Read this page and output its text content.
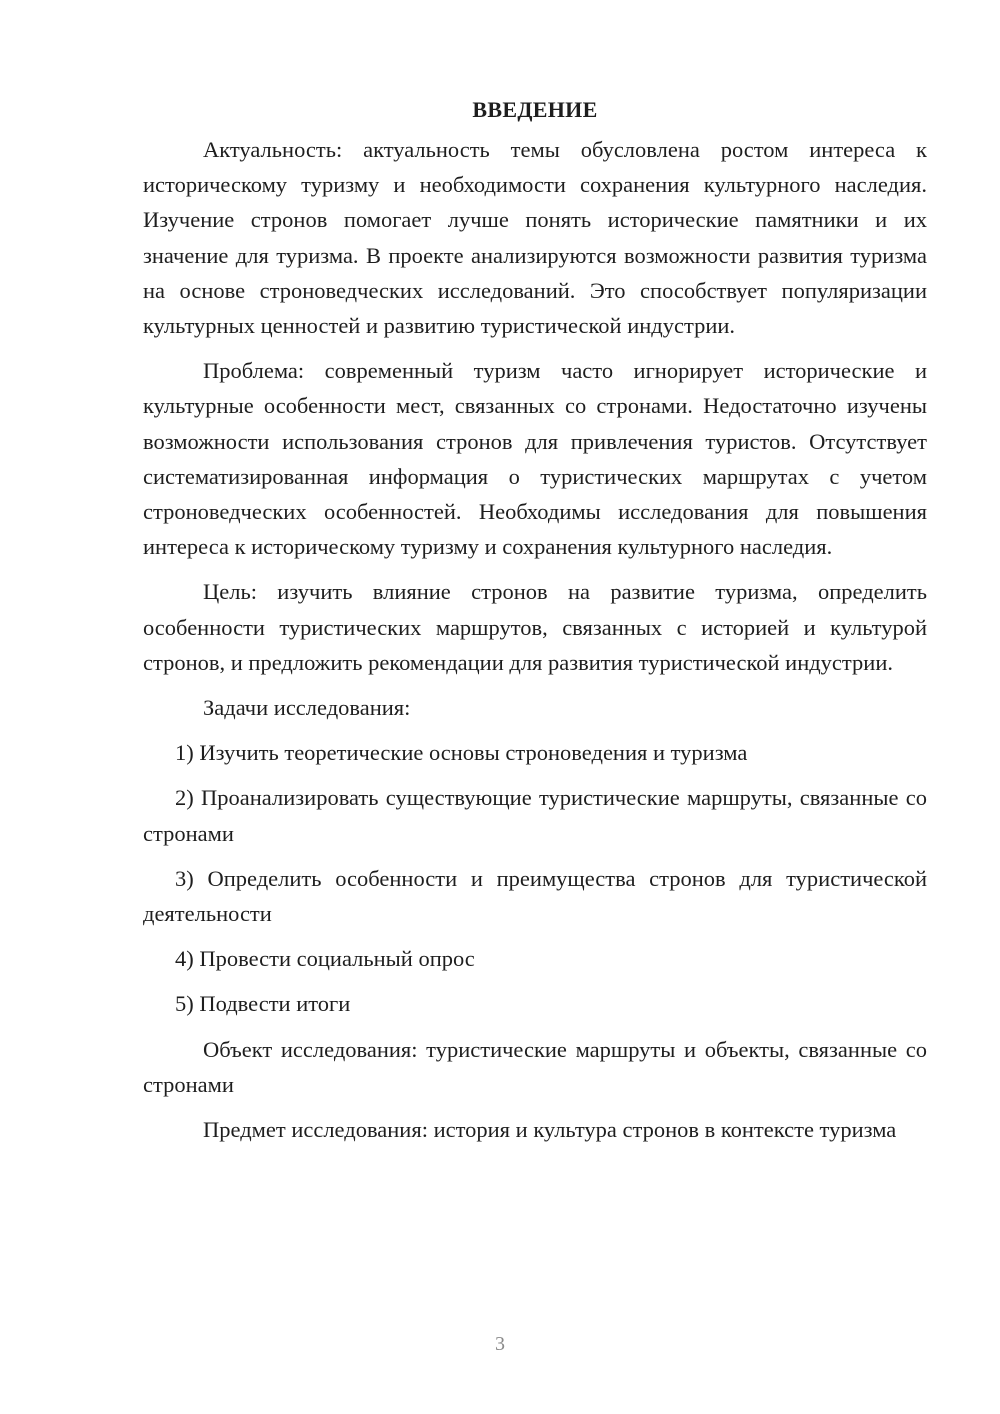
ВВЕДЕНИЕ

Актуальность: актуальность темы обусловлена ростом интереса к историческому туризму и необходимости сохранения культурного наследия. Изучение стронов помогает лучше понять исторические памятники и их значение для туризма. В проекте анализируются возможности развития туризма на основе строноведческих исследований. Это способствует популяризации культурных ценностей и развитию туристической индустрии.

Проблема: современный туризм часто игнорирует исторические и культурные особенности мест, связанных со стронами. Недостаточно изучены возможности использования стронов для привлечения туристов. Отсутствует систематизированная информация о туристических маршрутах с учетом строноведческих особенностей. Необходимы исследования для повышения интереса к историческому туризму и сохранения культурного наследия.

Цель: изучить влияние стронов на развитие туризма, определить особенности туристических маршрутов, связанных с историей и культурой стронов, и предложить рекомендации для развития туристической индустрии.

Задачи исследования:

1) Изучить теоретические основы строноведения и туризма

2) Проанализировать существующие туристические маршруты, связанные со стронами

3) Определить особенности и преимущества стронов для туристической деятельности

4) Провести социальный опрос

5) Подвести итоги

Объект исследования: туристические маршруты и объекты, связанные со стронами

Предмет исследования: история и культура стронов в контексте туризма

3
